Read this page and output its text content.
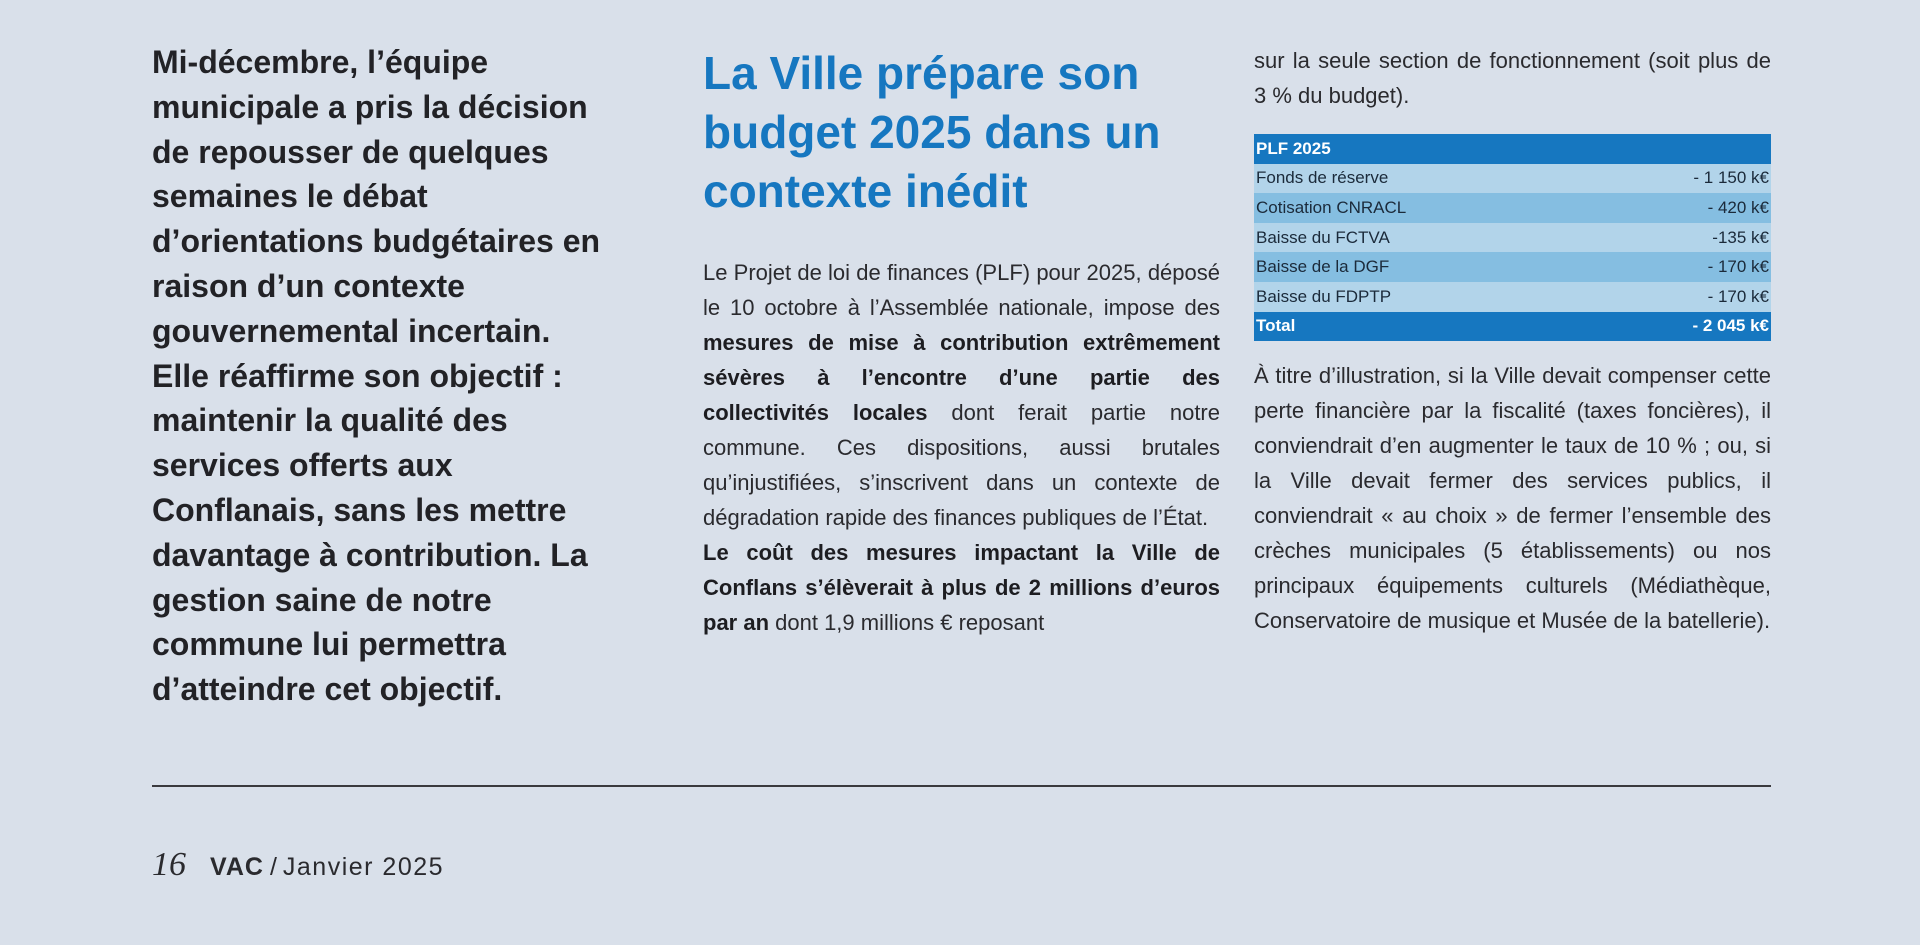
Mi-décembre, l’équipe municipale a pris la décision de repousser de quelques semaines le débat d’orientations budgétaires en raison d’un contexte gouvernemental incertain. Elle réaffirme son objectif : maintenir la qualité des services offerts aux Conflanais, sans les mettre davantage à contribution. La gestion saine de notre commune lui permettra d’atteindre cet objectif.
La Ville prépare son budget 2025 dans un contexte inédit

Le Projet de loi de finances (PLF) pour 2025, déposé le 10 octobre à l’Assemblée nationale, impose des mesures de mise à contribution extrêmement sévères à l’encontre d’une partie des collectivités locales dont ferait partie notre commune. Ces dispositions, aussi brutales qu’injustifiées, s’inscrivent dans un contexte de dégradation rapide des finances publiques de l’État.

Le coût des mesures impactant la Ville de Conflans s’élèverait à plus de 2 millions d’euros par an dont 1,9 millions € reposant

sur la seule section de fonctionnement (soit plus de 3 % du budget).

PLF 2025	
Fonds de réserve	- 1 150 k€
Cotisation CNRACL	- 420 k€
Baisse du FCTVA	-135 k€
Baisse de la DGF	- 170 k€
Baisse du FDPTP	- 170 k€
Total	- 2 045 k€

À titre d’illustration, si la Ville devait compenser cette perte financière par la fiscalité (taxes foncières), il conviendrait d’en augmenter le taux de 10 % ; ou, si la Ville devait fermer des services publics, il conviendrait « au choix » de fermer l’ensemble des crèches municipales (5 établissements) ou nos principaux équipements culturels (Médiathèque, Conservatoire de musique et Musée de la batellerie).

16 VAC / Janvier 2025
